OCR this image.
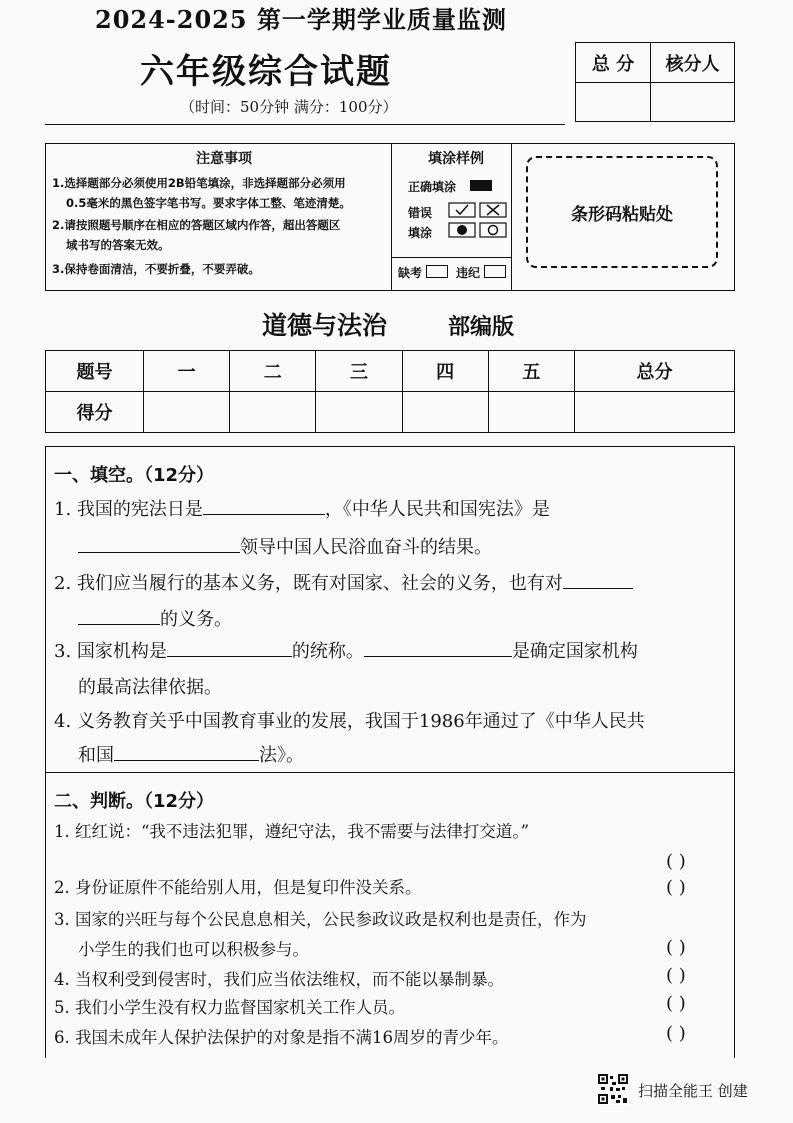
2024-2025 第一学期学业质量监测
六年级综合试题
（时间：50分钟 满分：100分）
总 分	核分人
注意事项
1.选择题部分必须使用2B铅笔填涂，非选择题部分必须用
0.5毫米的黑色签字笔书写。要求字体工整、笔迹清楚。
2.请按照题号顺序在相应的答题区域内作答，超出答题区
域书写的答案无效。
3.保持卷面清洁，不要折叠，不要弄破。
填涂样例
正确填涂
错误
填涂
缺考	违纪
条形码粘贴处
道德与法治	部编版
题号	一	二	三	四	五	总分
得分						
一、填空。（12分）
1. 我国的宪法日是	，《中华人民共和国宪法》是
领导中国人民浴血奋斗的结果。
2. 我们应当履行的基本义务，既有对国家、社会的义务，也有对
的义务。
3. 国家机构是	的统称。	是确定国家机构
的最高法律依据。
4. 义务教育关乎中国教育事业的发展，我国于1986年通过了《中华人民共
和国	法》。
二、判断。（12分）
1. 红红说：“我不违法犯罪，遵纪守法，我不需要与法律打交道。”
( )
2. 身份证原件不能给别人用，但是复印件没关系。	( )
3. 国家的兴旺与每个公民息息相关，公民参政议政是权利也是责任，作为
小学生的我们也可以积极参与。	( )
4. 当权利受到侵害时，我们应当依法维权，而不能以暴制暴。	( )
5. 我们小学生没有权力监督国家机关工作人员。	( )
6. 我国未成年人保护法保护的对象是指不满16周岁的青少年。	( )
扫描全能王 创建
